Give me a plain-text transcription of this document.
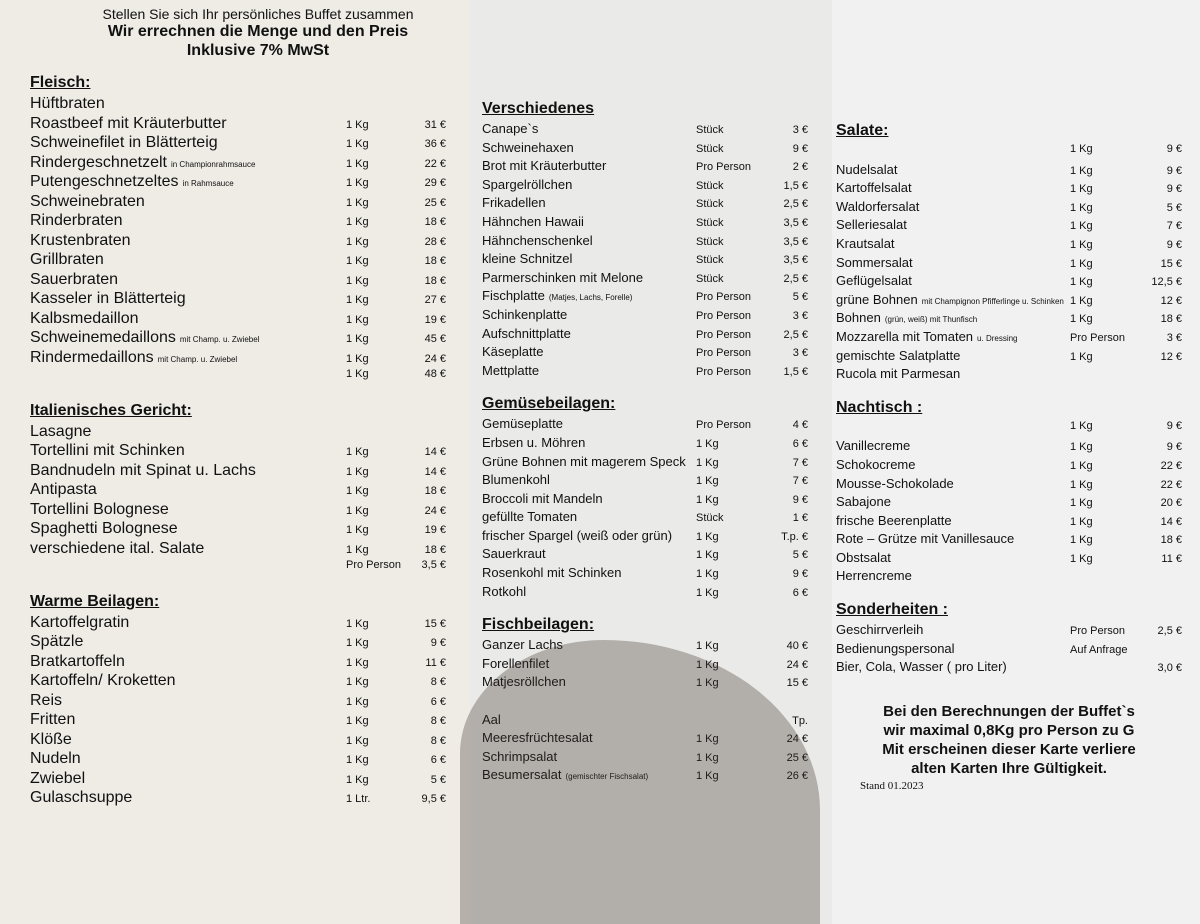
Stellen Sie sich Ihr persönliches Buffet zusammen
Wir errechnen die Menge und den Preis
Inklusive 7% MwSt
Fleisch:
Hüftbraten
Roastbeef mit Kräuterbutter	1 Kg	31 €
Schweinefilet in Blätterteig	1 Kg	36 €
Rindergeschnetzelt in Championrahmsauce	1 Kg	22 €
Putengeschnetzeltes in Rahmsauce	1 Kg	29 €
Schweinebraten	1 Kg	25 €
Rinderbraten	1 Kg	18 €
Krustenbraten	1 Kg	28 €
Grillbraten	1 Kg	18 €
Sauerbraten	1 Kg	18 €
Kasseler in Blätterteig	1 Kg	27 €
Kalbsmedaillon	1 Kg	19 €
Schweinemedaillons mit Champ. u. Zwiebel	1 Kg	45 €
Rindermedaillons mit Champ. u. Zwiebel	1 Kg	24 €
1 Kg	48 €
Italienisches Gericht:
Lasagne
Tortellini mit Schinken	1 Kg	14 €
Bandnudeln mit Spinat u. Lachs	1 Kg	14 €
Antipasta	1 Kg	18 €
Tortellini Bolognese	1 Kg	24 €
Spaghetti Bolognese	1 Kg	19 €
verschiedene ital. Salate	1 Kg	18 €
Pro Person	3,5 €
Warme Beilagen:
Kartoffelgratin	1 Kg	15 €
Spätzle	1 Kg	9 €
Bratkartoffeln	1 Kg	11 €
Kartoffeln/ Kroketten	1 Kg	8 €
Reis	1 Kg	6 €
Fritten	1 Kg	8 €
Klöße	1 Kg	8 €
Nudeln	1 Kg	6 €
Zwiebel	1 Kg	5 €
Gulaschsuppe	1 Ltr.	9,5 €
Verschiedenes
Canape`s	Stück	3 €
Schweinehaxen	Stück	9 €
Brot mit Kräuterbutter	Pro Person	2 €
Spargelröllchen	Stück	1,5 €
Frikadellen	Stück	2,5 €
Hähnchen Hawaii	Stück	3,5 €
Hähnchenschenkel	Stück	3,5 €
kleine Schnitzel	Stück	3,5 €
Parmerschinken mit Melone	Stück	2,5 €
Fischplatte (Matjes, Lachs, Forelle)	Pro Person	5 €
Schinkenplatte	Pro Person	3 €
Aufschnittplatte	Pro Person	2,5 €
Käseplatte	Pro Person	3 €
Mettplatte	Pro Person	1,5 €
Gemüsebeilagen:
Gemüseplatte	Pro Person	4 €
Erbsen u. Möhren	1 Kg	6 €
Grüne Bohnen mit magerem Speck 1 Kg	7 €
Blumenkohl	1 Kg	7 €
Broccoli mit Mandeln	1 Kg	9 €
gefüllte Tomaten	Stück	1 €
frischer Spargel (weiß oder grün) 1 Kg	T.p. €
Sauerkraut	1 Kg	5 €
Rosenkohl mit Schinken	1 Kg	9 €
Rotkohl	1 Kg	6 €
Fischbeilagen:
Ganzer Lachs	1 Kg	40 €
Forellenfilet	1 Kg	24 €
Matjesröllchen	1 Kg	15 €
Aal	Tp.
Meeresfrüchtesalat	1 Kg	24 €
Schrimpsalat	1 Kg	25 €
Besumersalat (gemischter Fischsalat)	1 Kg	26 €
Salate:
1 Kg	9 €
Nudelsalat	1 Kg	9 €
Kartoffelsalat	1 Kg	9 €
Waldorfersalat	1 Kg	5 €
Selleriesalat	1 Kg	7 €
Krautsalat	1 Kg	9 €
Sommersalat	1 Kg	15 €
Geflügelsalat	1 Kg	12,5 €
grüne Bohnen mit Champignon Pfifferlinge u. Schinken 1 Kg	12 €
Bohnen (grün, weiß) mit Thunfisch	1 Kg	18 €
Mozzarella mit Tomaten u. Dressing	Pro Person	3 €
gemischte Salatplatte	1 Kg	12 €
Rucola mit Parmesan
Nachtisch :
1 Kg	9 €
Vanillecreme	1 Kg	9 €
Schokocreme	1 Kg	22 €
Mousse-Schokolade	1 Kg	22 €
Sabajone	1 Kg	20 €
frische Beerenplatte	1 Kg	14 €
Rote – Grütze mit Vanillesauce	1 Kg	18 €
Obstsalat	1 Kg	11 €
Herrencreme
Sonderheiten :
Geschirrverleih	Pro Person	2,5 €
Bedienungspersonal	Auf Anfrage
Bier, Cola, Wasser ( pro Liter)	3,0 €
Bei den Berechnungen der Buffet`s
wir maximal 0,8Kg pro Person zu G
Mit erscheinen dieser Karte verliere
alten Karten Ihre Gültigkeit.
Stand 01.2023
